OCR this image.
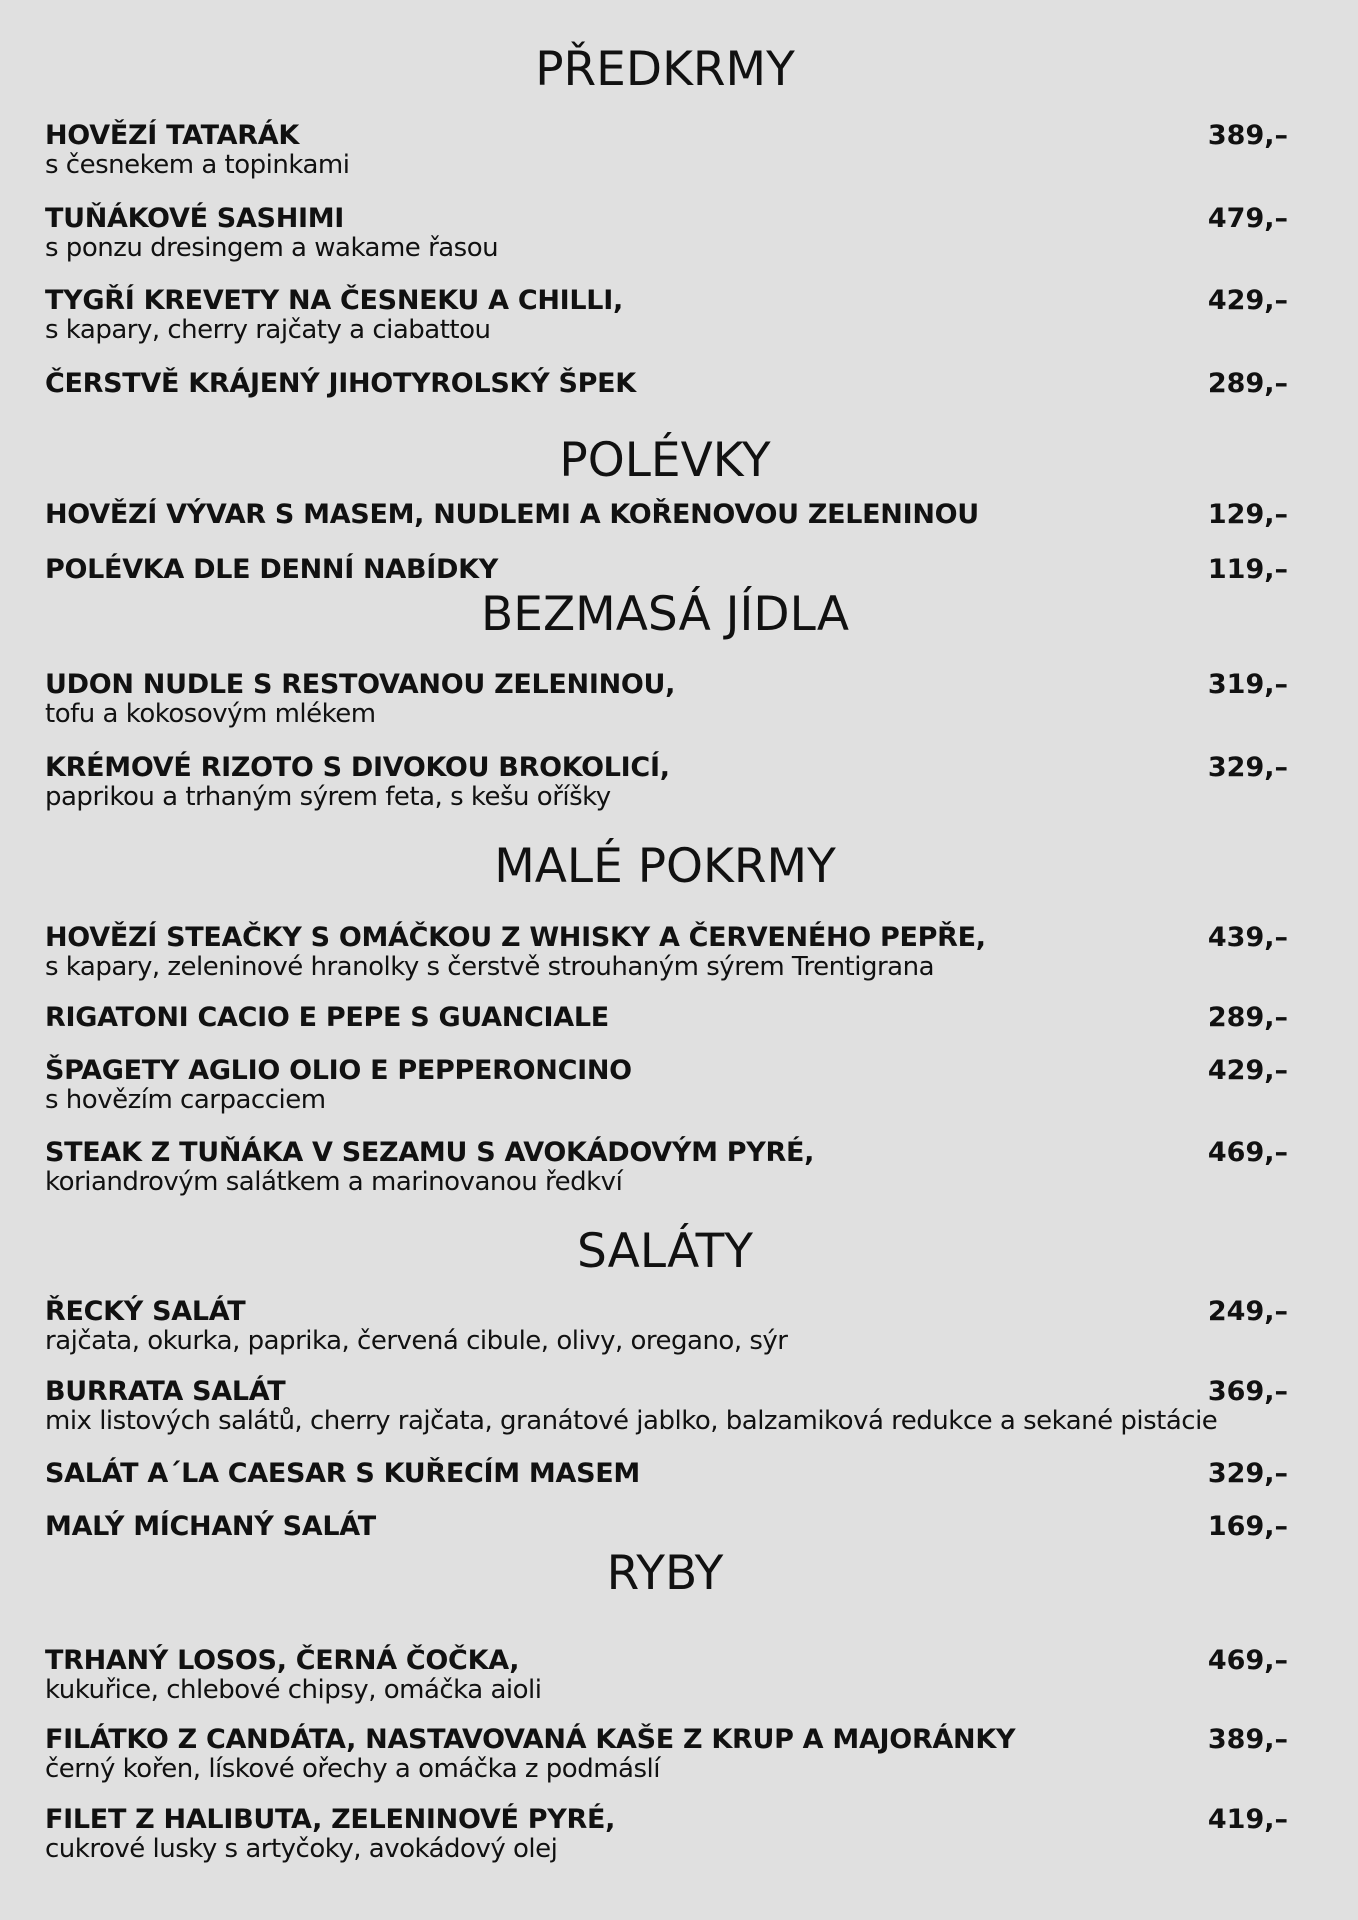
PŘEDKRMY
HOVĚZÍ TATARÁK
s česnekem a topinkami
389,–
TUŇÁKOVÉ SASHIMI
s ponzu dresingem a wakame řasou
479,–
TYGŘÍ KREVETY NA ČESNEKU A CHILLI,
s kapary, cherry rajčaty a ciabattou
429,–
ČERSTVĚ KRÁJENÝ JIHOTYROLSKÝ ŠPEK	289,–
POLÉVKY
HOVĚZÍ VÝVAR S MASEM, NUDLEMI A KOŘENOVOU ZELENINOU	129,–
POLÉVKA DLE DENNÍ NABÍDKY	119,–
BEZMASÁ JÍDLA
UDON NUDLE S RESTOVANOU ZELENINOU,
tofu a kokosovým mlékem
319,–
KRÉMOVÉ RIZOTO S DIVOKOU BROKOLICÍ,
paprikou a trhaným sýrem feta, s kešu oříšky
329,–
MALÉ POKRMY
HOVĚZÍ STEAČKY S OMÁČKOU Z WHISKY A ČERVENÉHO PEPŘE,
s kapary, zeleninové hranolky s čerstvě strouhaným sýrem Trentigrana
439,–
RIGATONI CACIO E PEPE S GUANCIALE	289,–
ŠPAGETY AGLIO OLIO E PEPPERONCINO
s hovězím carpacciem
429,–
STEAK Z TUŇÁKA V SEZAMU S AVOKÁDOVÝM PYRÉ,
koriandrovým salátkem a marinovanou ředkví
469,–
SALÁTY
ŘECKÝ SALÁT
rajčata, okurka, paprika, červená cibule, olivy, oregano, sýr
249,–
BURRATA SALÁT
mix listových salátů, cherry rajčata, granátové jablko, balzamiková redukce a sekané pistácie
369,–
SALÁT A´LA CAESAR S KUŘECÍM MASEM	329,–
MALÝ MÍCHANÝ SALÁT	169,–
RYBY
TRHANÝ LOSOS, ČERNÁ ČOČKA,
kukuřice, chlebové chipsy, omáčka aioli
469,–
FILÁTKO Z CANDÁTA, NASTAVOVANÁ KAŠE Z KRUP A MAJORÁNKY
černý kořen, lískové ořechy a omáčka z podmáslí
389,–
FILET Z HALIBUTA, ZELENINOVÉ PYRÉ,
cukrové lusky s artyčoky, avokádový olej
419,–
